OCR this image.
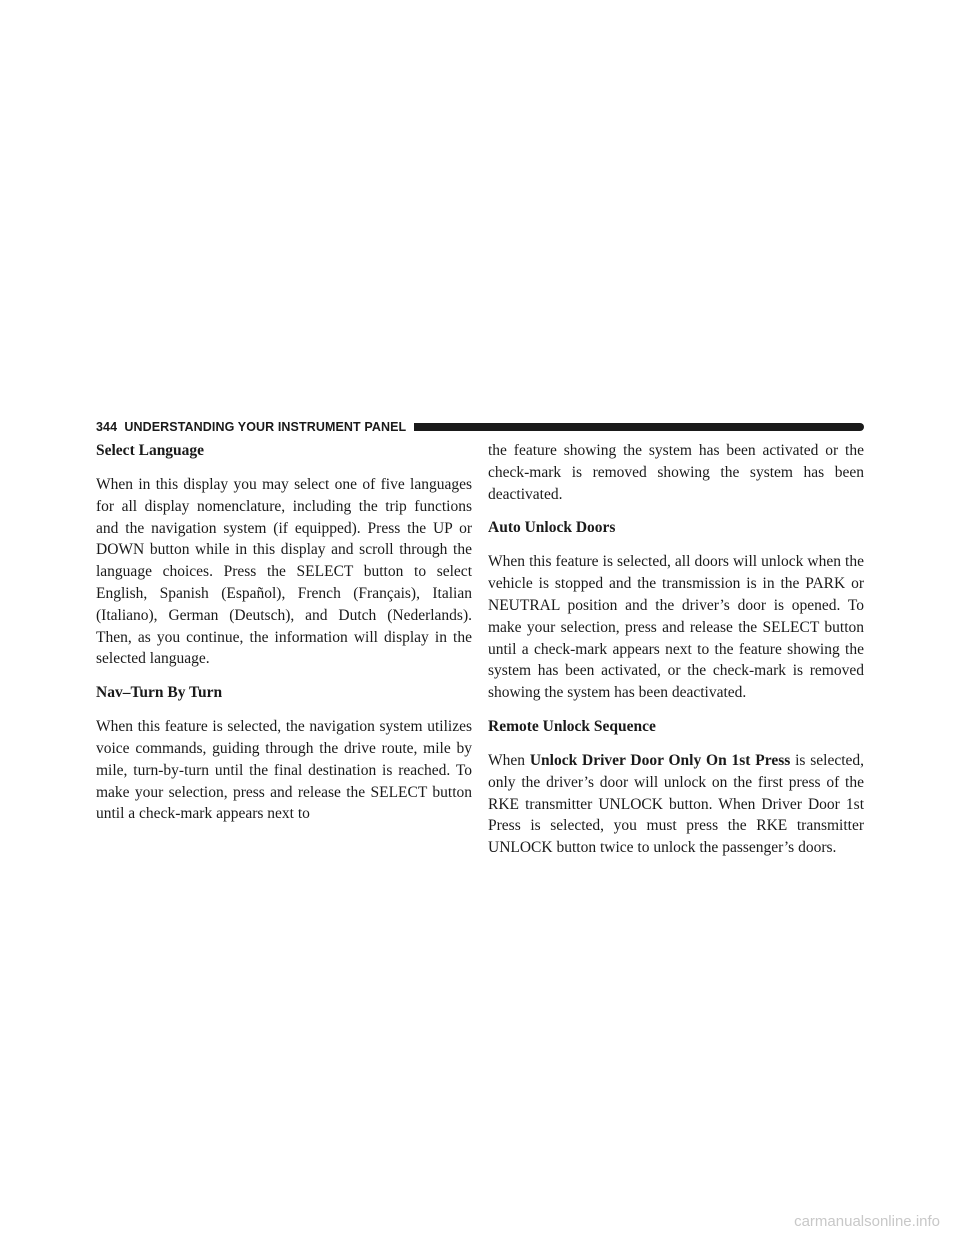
344 UNDERSTANDING YOUR INSTRUMENT PANEL
Select Language

When in this display you may select one of five languages for all display nomenclature, including the trip functions and the navigation system (if equipped). Press the UP or DOWN button while in this display and scroll through the language choices. Press the SELECT button to select English, Spanish (Español), French (Français), Italian (Italiano), German (Deutsch), and Dutch (Nederlands). Then, as you continue, the information will display in the selected language.

Nav–Turn By Turn

When this feature is selected, the navigation system utilizes voice commands, guiding through the drive route, mile by mile, turn-by-turn until the final destination is reached. To make your selection, press and release the SELECT button until a check-mark appears next to

the feature showing the system has been activated or the check-mark is removed showing the system has been deactivated.

Auto Unlock Doors

When this feature is selected, all doors will unlock when the vehicle is stopped and the transmission is in the PARK or NEUTRAL position and the driver’s door is opened. To make your selection, press and release the SELECT button until a check-mark appears next to the feature showing the system has been activated, or the check-mark is removed showing the system has been deactivated.

Remote Unlock Sequence

When Unlock Driver Door Only On 1st Press is selected, only the driver’s door will unlock on the first press of the RKE transmitter UNLOCK button. When Driver Door 1st Press is selected, you must press the RKE transmitter UNLOCK button twice to unlock the passenger’s doors.

carmanualsonline.info
